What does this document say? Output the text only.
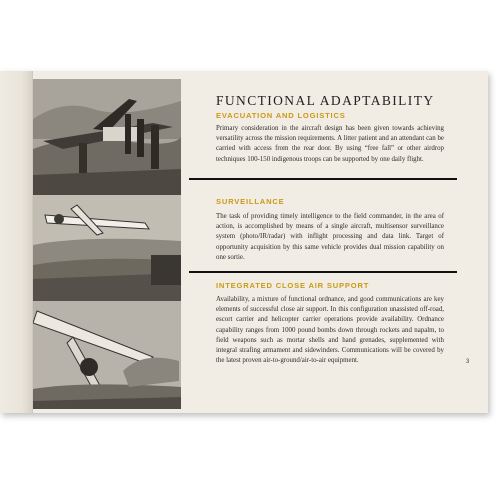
FUNCTIONAL ADAPTABILITY
EVACUATION AND LOGISTICS

Primary consideration in the aircraft design has been given towards achieving versatility across the mission requirements. A litter patient and an attendant can be carried with access from the rear door. By using “free fall” or other airdrop techniques 100-150 indigenous troops can be supported by one daily flight.

SURVEILLANCE

The task of providing timely intelligence to the field commander, in the area of action, is accomplished by means of a single aircraft, multisensor surveillance system (photo/IR/radar) with inflight processing and data link. Target of opportunity acquisition by this same vehicle provides dual mission capability on one sortie.

INTEGRATED CLOSE AIR SUPPORT

Availability, a mixture of functional ordnance, and good communications are key elements of successful close air support. In this configuration unassisted off-road, escort carrier and helicopter carrier operations provide availability. Ordnance capability ranges from 1000 pound bombs down through rockets and napalm, to field weapons such as mortar shells and hand grenades, supplemented with integral strafing armament and sidewinders. Communications will be covered by the latest proven air-to-ground/air-to-air equipment.	3
